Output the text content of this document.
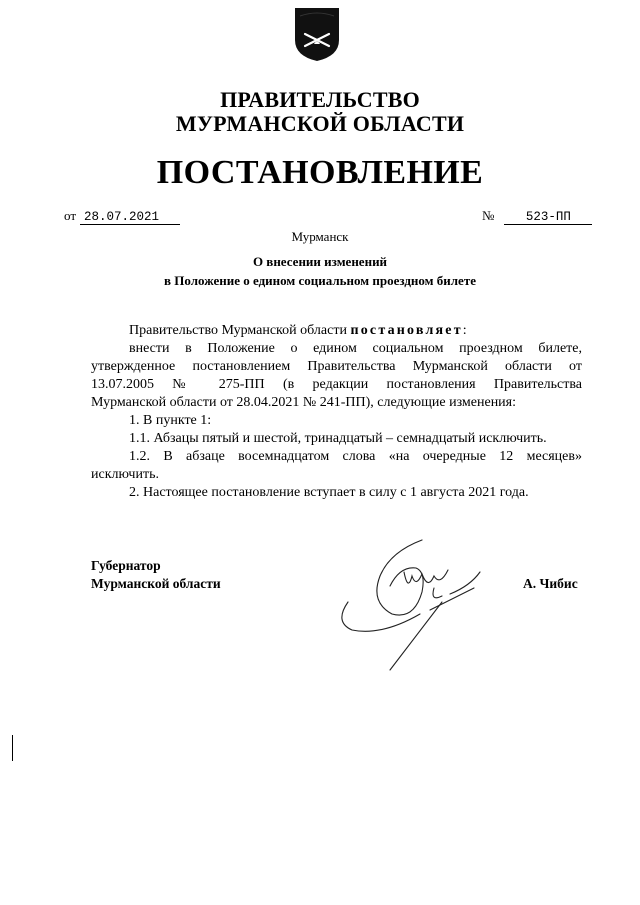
ПРАВИТЕЛЬСТВО
МУРМАНСКОЙ ОБЛАСТИ
ПОСТАНОВЛЕНИЕ
от 28.07.2021	№	523-ПП
Мурманск
О внесении изменений
в Положение о едином социальном проездном билете

Правительство Мурманской области постановляет:

внести в Положение о едином социальном проездном билете,

утвержденное постановлением Правительства Мурманской области от

13.07.2005 № 275-ПП (в редакции постановления Правительства

Мурманской области от 28.04.2021 № 241-ПП), следующие изменения:

1. В пункте 1:

1.1. Абзацы пятый и шестой, тринадцатый – семнадцатый исключить.

1.2. В абзаце восемнадцатом слова «на очередные 12 месяцев»

исключить.

2. Настоящее постановление вступает в силу с 1 августа 2021 года.

Губернатор
Мурманской области	А. Чибис
